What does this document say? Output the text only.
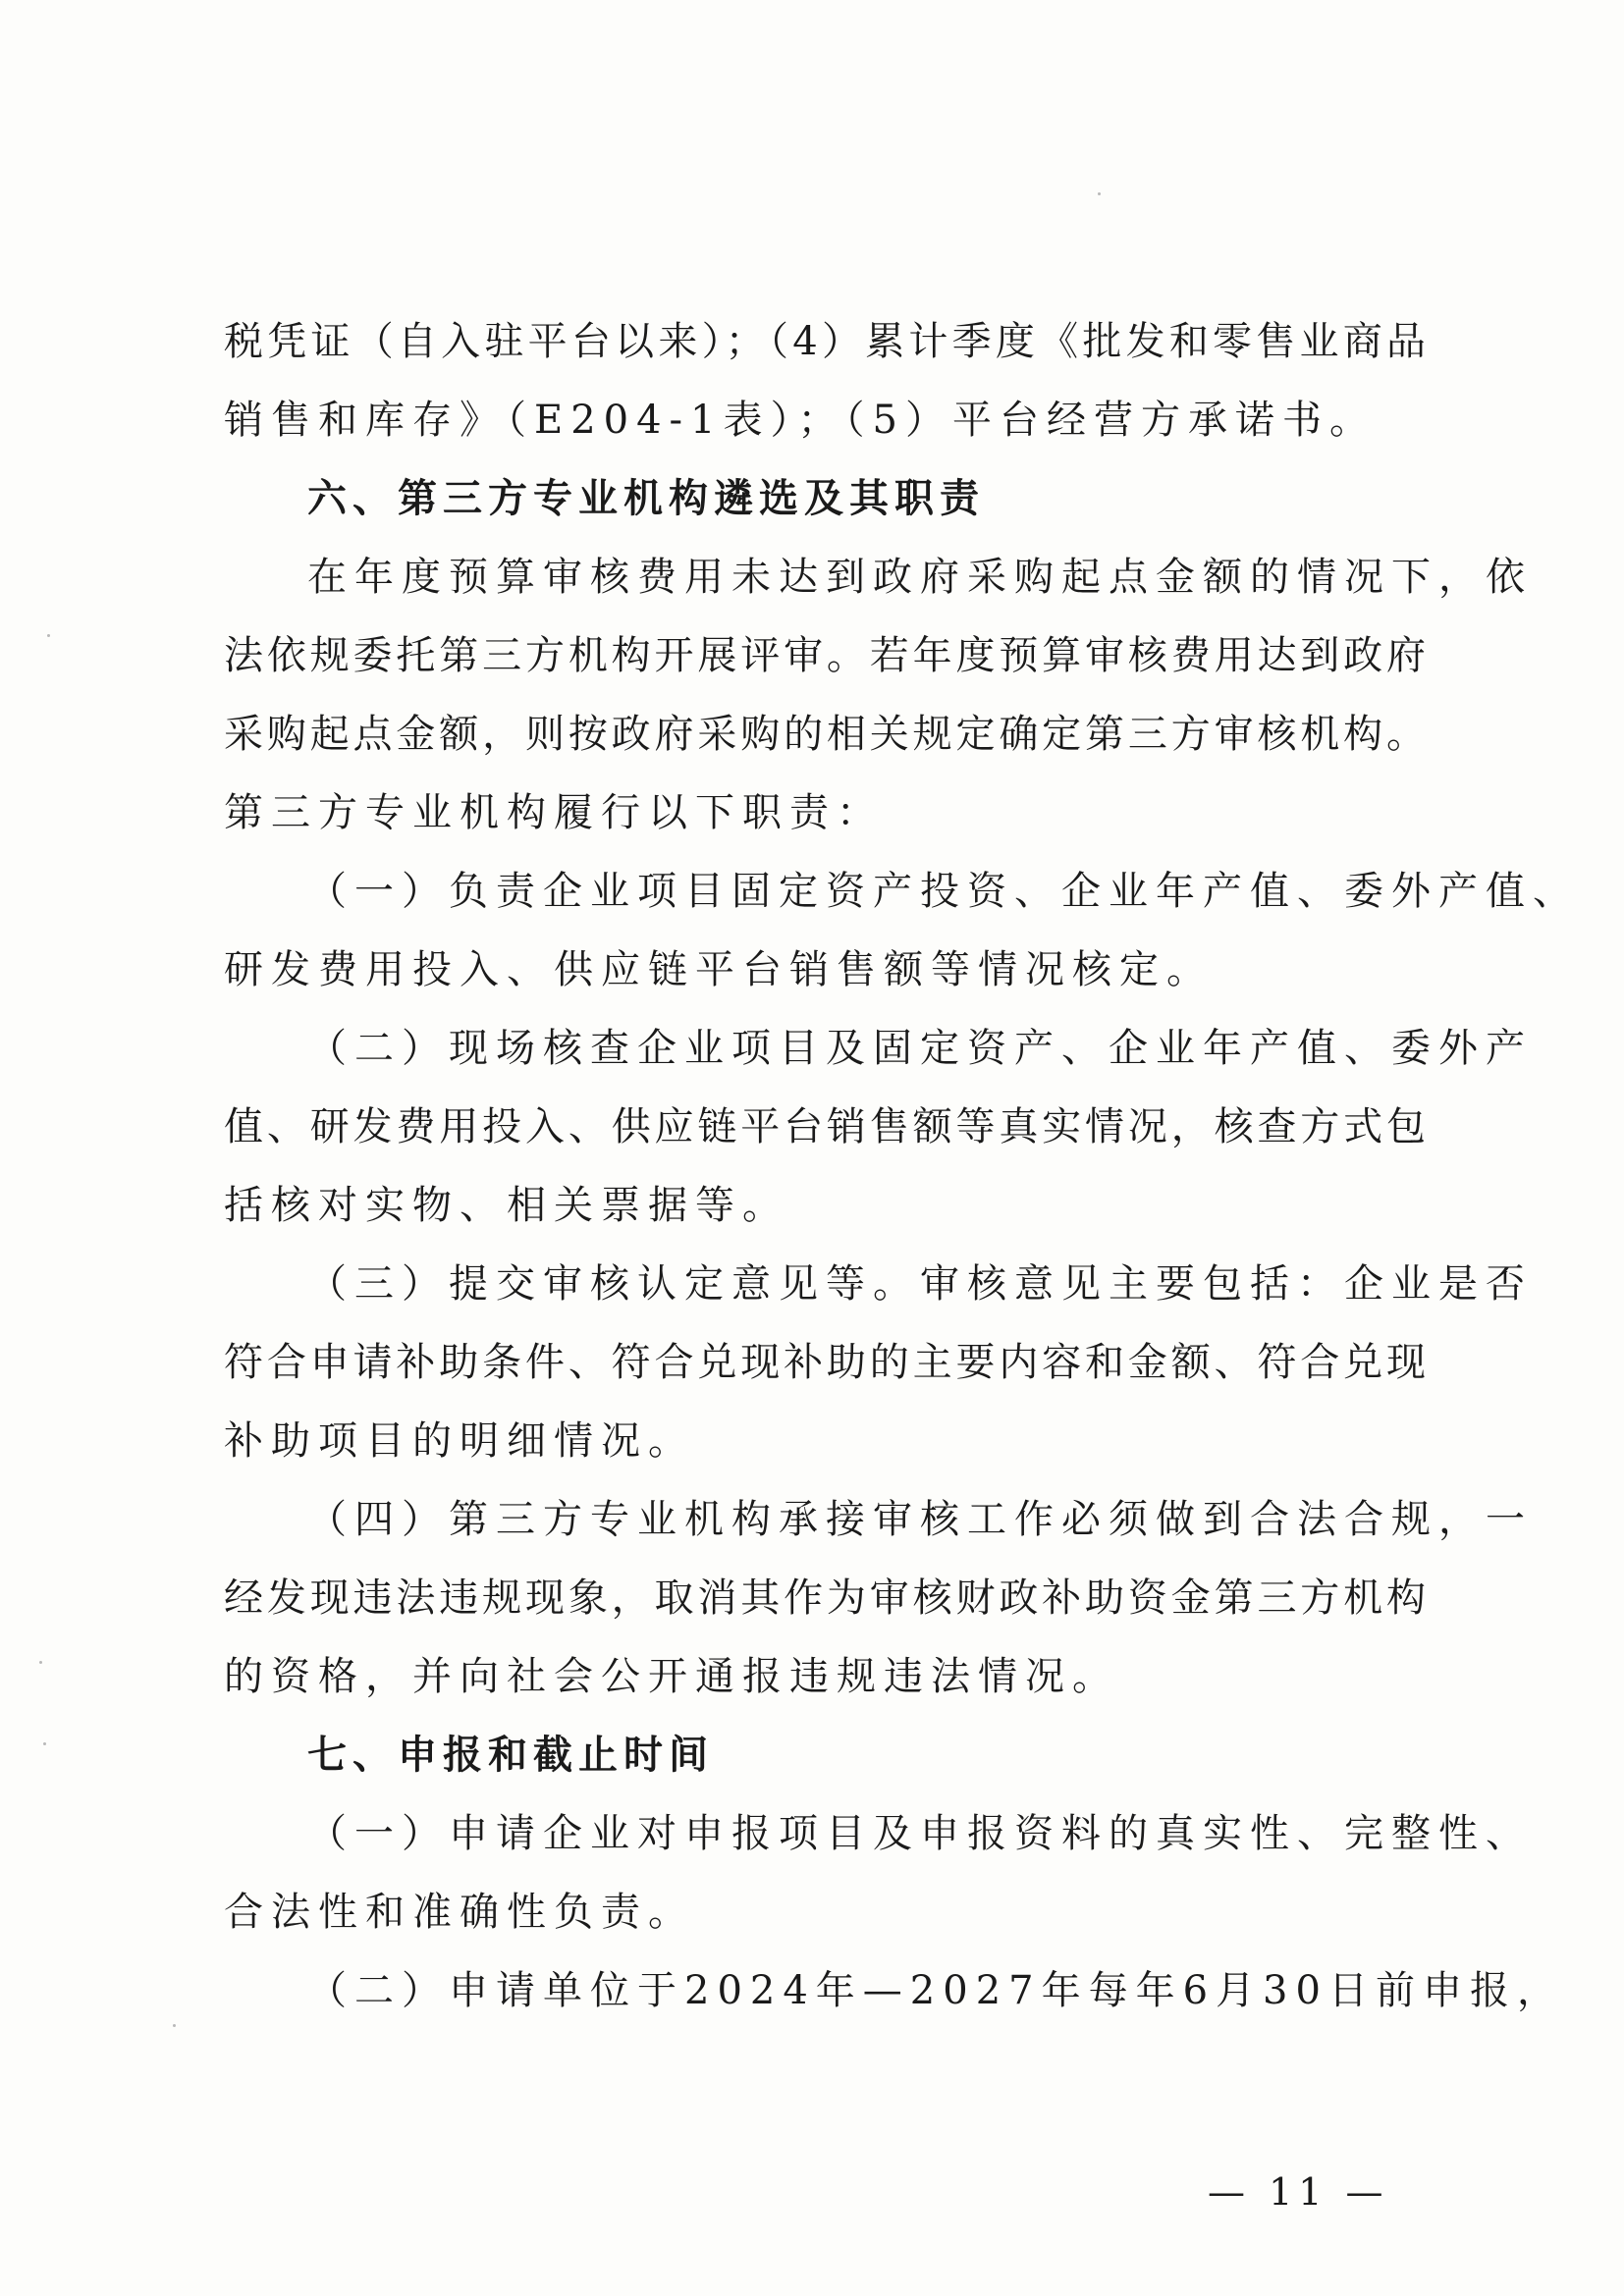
税凭证（自入驻平台以来）；（4）累计季度《批发和零售业商品
销售和库存》（E204-1表）；（5）平台经营方承诺书。
六、第三方专业机构遴选及其职责
在年度预算审核费用未达到政府采购起点金额的情况下，依
法依规委托第三方机构开展评审。若年度预算审核费用达到政府
采购起点金额，则按政府采购的相关规定确定第三方审核机构。
第三方专业机构履行以下职责：
（一）负责企业项目固定资产投资、企业年产值、委外产值、
研发费用投入、供应链平台销售额等情况核定。
（二）现场核查企业项目及固定资产、企业年产值、委外产
值、研发费用投入、供应链平台销售额等真实情况，核查方式包
括核对实物、相关票据等。
（三）提交审核认定意见等。审核意见主要包括：企业是否
符合申请补助条件、符合兑现补助的主要内容和金额、符合兑现
补助项目的明细情况。
（四）第三方专业机构承接审核工作必须做到合法合规，一
经发现违法违规现象，取消其作为审核财政补助资金第三方机构
的资格，并向社会公开通报违规违法情况。
七、申报和截止时间
（一）申请企业对申报项目及申报资料的真实性、完整性、
合法性和准确性负责。
（二）申请单位于2024年—2027年每年6月30日前申报，
— 11 —
